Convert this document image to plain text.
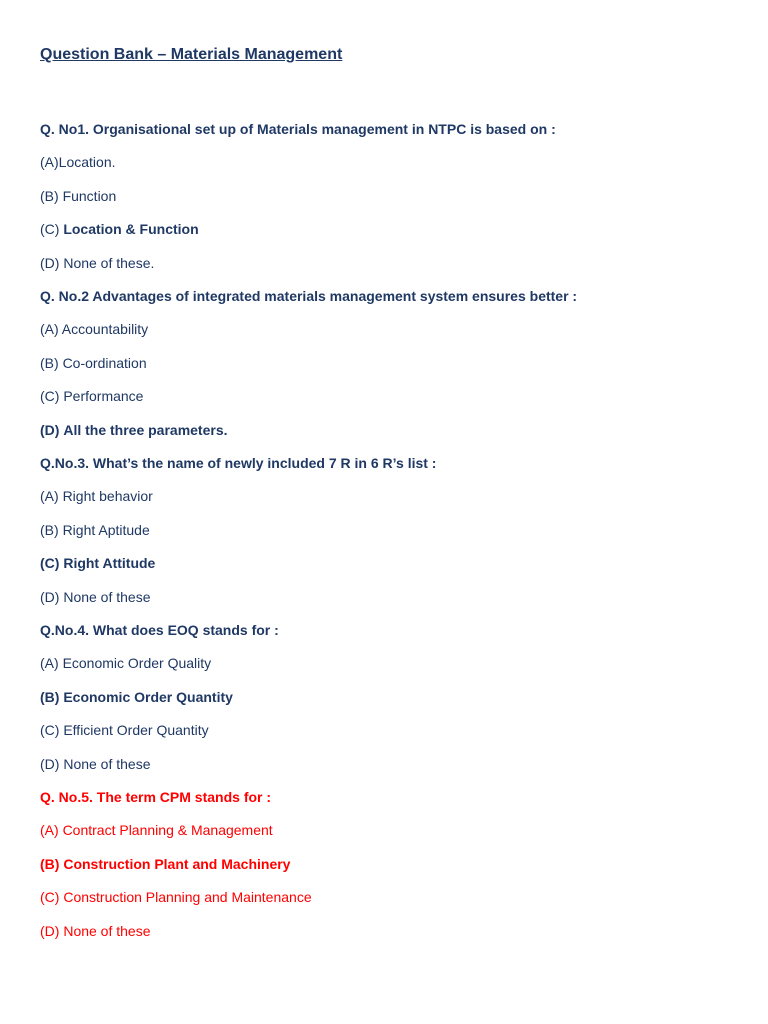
Question Bank – Materials Management
Q. No1. Organisational set up of Materials management in NTPC is based on :
(A)Location.
(B) Function
(C) Location & Function
(D) None of these.
Q. No.2 Advantages of integrated materials management system ensures better :
(A) Accountability
(B) Co-ordination
(C) Performance
(D) All the three parameters.
Q.No.3. What’s the name of newly included 7 R in 6 R’s list :
(A) Right behavior
(B) Right Aptitude
(C) Right Attitude
(D) None of these
Q.No.4. What does EOQ stands for :
(A) Economic Order Quality
(B) Economic Order Quantity
(C) Efficient Order Quantity
(D) None of these
Q. No.5. The term CPM stands for :
(A) Contract Planning & Management
(B) Construction Plant and Machinery
(C) Construction Planning and Maintenance
(D) None of these
